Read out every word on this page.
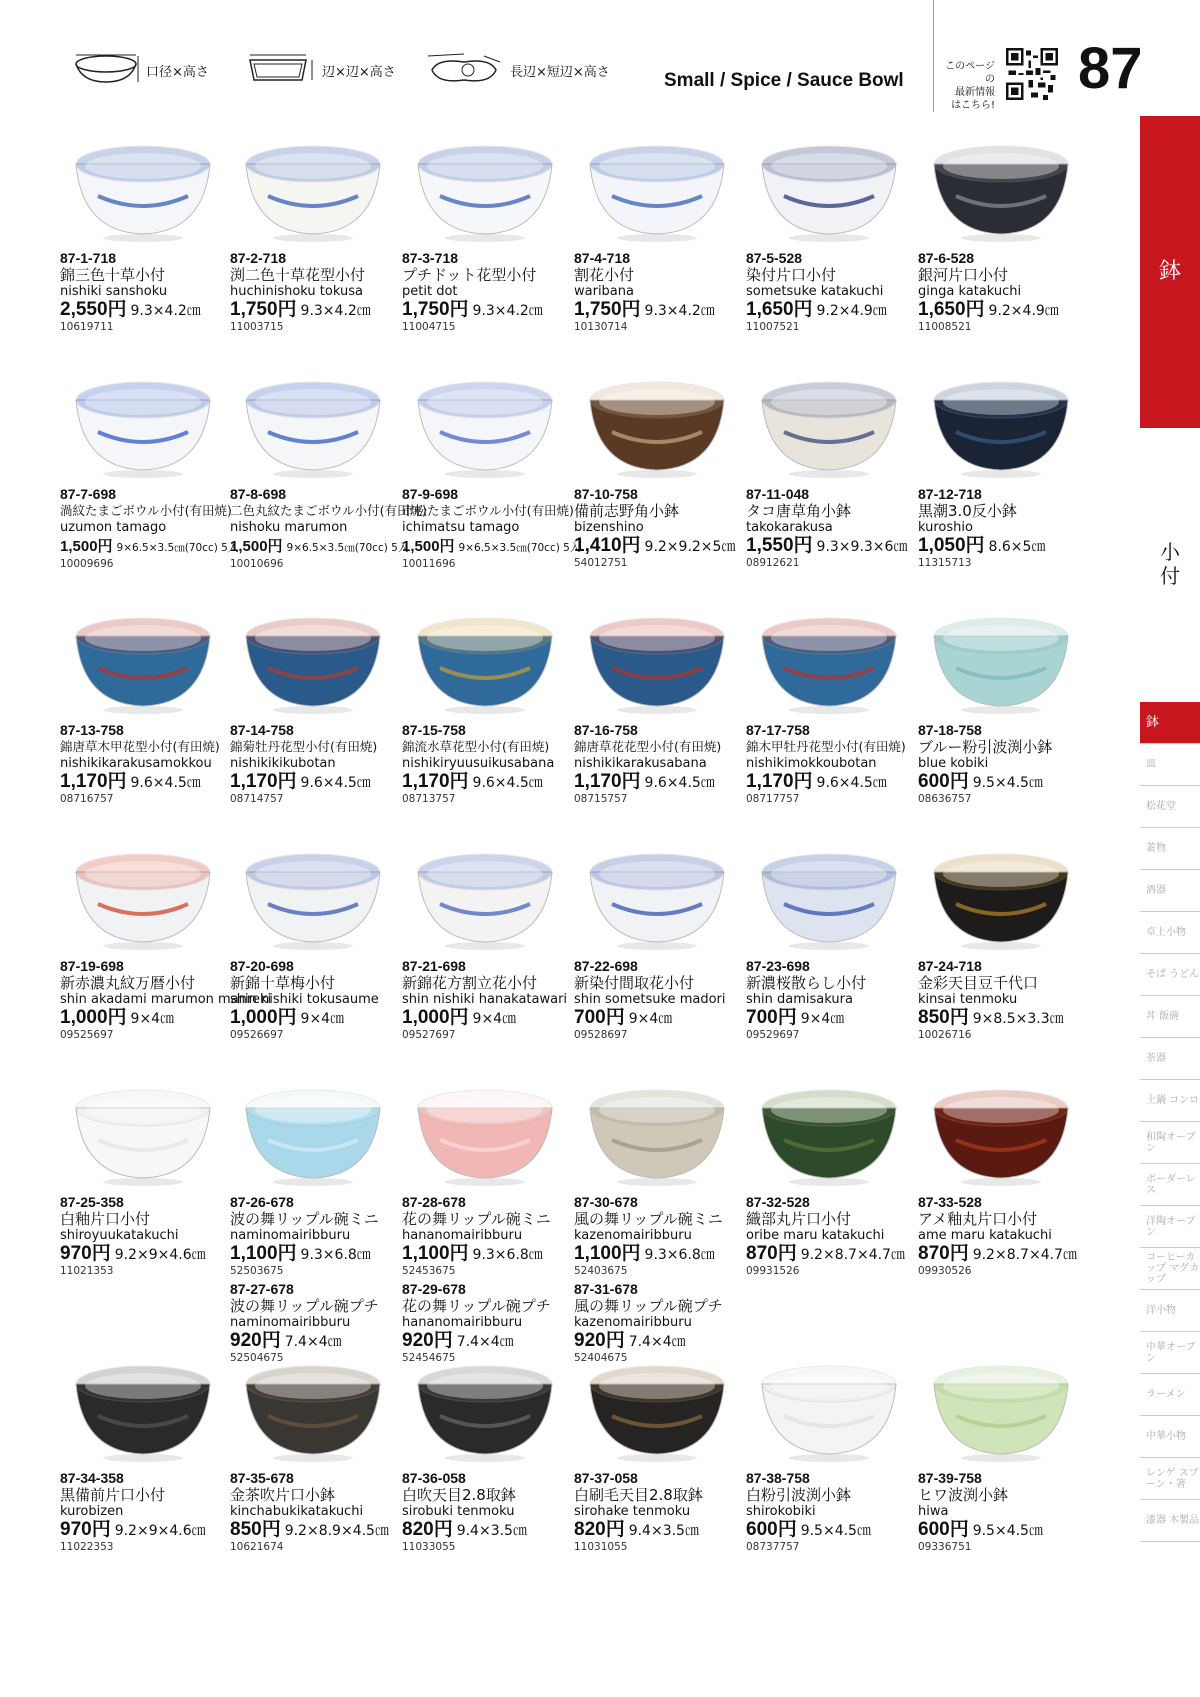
口径×高さ	辺×辺×高さ	長辺×短辺×高さ	Small / Spice / Sauce Bowl
このページの
最新情報
はこちら!
87
鉢
小付
鉢
皿
松花堂
蓋物
酒器
卓上小物
そば うどん
丼 飯碗
茶器
土鍋 コンロ
和陶オーブン
ボーダーレス
洋陶オーブン
コーヒーカップ マグカップ
洋小物
中華オーブン
ラーメン
中華小物
レンゲ スプーン・箸
漆器 木製品
87-1-718
錦三色十草小付
nishiki sanshoku
2,550円 9.3×4.2㎝
10619711
87-2-718
渕二色十草花型小付
huchinishoku tokusa
1,750円 9.3×4.2㎝
11003715
87-3-718
プチドット花型小付
petit dot
1,750円 9.3×4.2㎝
11004715
87-4-718
割花小付
waribana
1,750円 9.3×4.2㎝
10130714
87-5-528
染付片口小付
sometsuke katakuchi
1,650円 9.2×4.9㎝
11007521
87-6-528
銀河片口小付
ginga katakuchi
1,650円 9.2×4.9㎝
11008521
87-7-698
渦紋たまごボウル小付(有田焼)
uzumon tamago
1,500円 9×6.5×3.5㎝(70cc) 5入
10009696
87-8-698
二色丸紋たまごボウル小付(有田焼)
nishoku marumon
1,500円 9×6.5×3.5㎝(70cc) 5入
10010696
87-9-698
市松たまごボウル小付(有田焼)
ichimatsu tamago
1,500円 9×6.5×3.5㎝(70cc) 5入
10011696
87-10-758
備前志野角小鉢
bizenshino
1,410円 9.2×9.2×5㎝
54012751
87-11-048
タコ唐草角小鉢
takokarakusa
1,550円 9.3×9.3×6㎝
08912621
87-12-718
黒潮3.0反小鉢
kuroshio
1,050円 8.6×5㎝
11315713
87-13-758
錦唐草木甲花型小付(有田焼)
nishikikarakusamokkou
1,170円 9.6×4.5㎝
08716757
87-14-758
錦菊牡丹花型小付(有田焼)
nishikikikubotan
1,170円 9.6×4.5㎝
08714757
87-15-758
錦流水草花型小付(有田焼)
nishikiryuusuikusabana
1,170円 9.6×4.5㎝
08713757
87-16-758
錦唐草花花型小付(有田焼)
nishikikarakusabana
1,170円 9.6×4.5㎝
08715757
87-17-758
錦木甲牡丹花型小付(有田焼)
nishikimokkoubotan
1,170円 9.6×4.5㎝
08717757
87-18-758
ブルー粉引波渕小鉢
blue kobiki
600円 9.5×4.5㎝
08636757
87-19-698
新赤濃丸紋万暦小付
shin akadami marumon manreki
1,000円 9×4㎝
09525697
87-20-698
新錦十草梅小付
shin nishiki tokusaume
1,000円 9×4㎝
09526697
87-21-698
新錦花方割立花小付
shin nishiki hanakatawari
1,000円 9×4㎝
09527697
87-22-698
新染付間取花小付
shin sometsuke madori
700円 9×4㎝
09528697
87-23-698
新濃桜散らし小付
shin damisakura
700円 9×4㎝
09529697
87-24-718
金彩天目豆千代口
kinsai tenmoku
850円 9×8.5×3.3㎝
10026716
87-25-358
白釉片口小付
shiroyuukatakuchi
970円 9.2×9×4.6㎝
11021353
87-26-678
波の舞リップル碗ミニ
naminomairibburu
1,100円 9.3×6.8㎝
52503675
87-27-678
波の舞リップル碗プチ
naminomairibburu
920円 7.4×4㎝
52504675
87-28-678
花の舞リップル碗ミニ
hananomairibburu
1,100円 9.3×6.8㎝
52453675
87-29-678
花の舞リップル碗プチ
hananomairibburu
920円 7.4×4㎝
52454675
87-30-678
風の舞リップル碗ミニ
kazenomairibburu
1,100円 9.3×6.8㎝
52403675
87-31-678
風の舞リップル碗プチ
kazenomairibburu
920円 7.4×4㎝
52404675
87-32-528
織部丸片口小付
oribe maru katakuchi
870円 9.2×8.7×4.7㎝
09931526
87-33-528
アメ釉丸片口小付
ame maru katakuchi
870円 9.2×8.7×4.7㎝
09930526
87-34-358
黒備前片口小付
kurobizen
970円 9.2×9×4.6㎝
11022353
87-35-678
金茶吹片口小鉢
kinchabukikatakuchi
850円 9.2×8.9×4.5㎝
10621674
87-36-058
白吹天目2.8取鉢
sirobuki tenmoku
820円 9.4×3.5㎝
11033055
87-37-058
白刷毛天目2.8取鉢
sirohake tenmoku
820円 9.4×3.5㎝
11031055
87-38-758
白粉引波渕小鉢
shirokobiki
600円 9.5×4.5㎝
08737757
87-39-758
ヒワ波渕小鉢
hiwa
600円 9.5×4.5㎝
09336751
